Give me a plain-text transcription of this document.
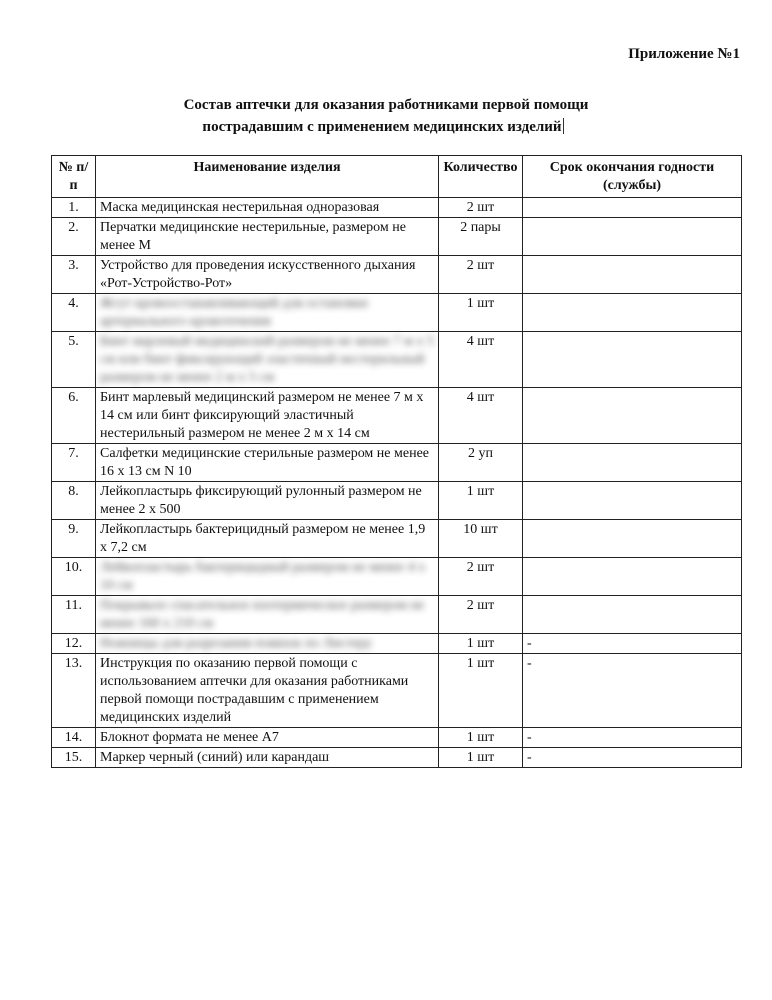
Приложение №1
Состав аптечки для оказания работниками первой помощи
пострадавшим с применением медицинских изделий
№ п/п	Наименование изделия	Количество	Срок окончания годности (службы)
1.	Маска медицинская нестерильная одноразовая	2 шт	
2.	Перчатки медицинские нестерильные, размером не менее М	2 пары	
3.	Устройство для проведения искусственного дыхания «Рот-Устройство-Рот»	2 шт	
4.	Жгут кровоостанавливающий для остановки артериального кровотечения	1 шт	
5.	Бинт марлевый медицинский размером не менее 7 м х 5 см или бинт фиксирующий эластичный нестерильный размером не менее 2 м х 5 см	4 шт	
6.	Бинт марлевый медицинский размером не менее 7 м х 14 см или бинт фиксирующий эластичный нестерильный размером не менее 2 м х 14 см	4 шт	
7.	Салфетки медицинские стерильные размером не менее 16 х 13 см N 10	2 уп	
8.	Лейкопластырь фиксирующий рулонный размером не менее 2 х 500	1 шт	
9.	Лейкопластырь бактерицидный размером не менее 1,9 х 7,2 см	10 шт	
10.	Лейкопластырь бактерицидный размером не менее 4 х 10 см	2 шт	
11.	Покрывало спасательное изотермическое размером не менее 160 х 210 см	2 шт	
12.	Ножницы для разрезания повязок по Листеру	1 шт	-
13.	Инструкция по оказанию первой помощи с использованием аптечки для оказания работниками первой помощи пострадавшим с применением медицинских изделий	1 шт	-
14.	Блокнот формата не менее А7	1 шт	-
15.	Маркер черный (синий) или карандаш	1 шт	-
